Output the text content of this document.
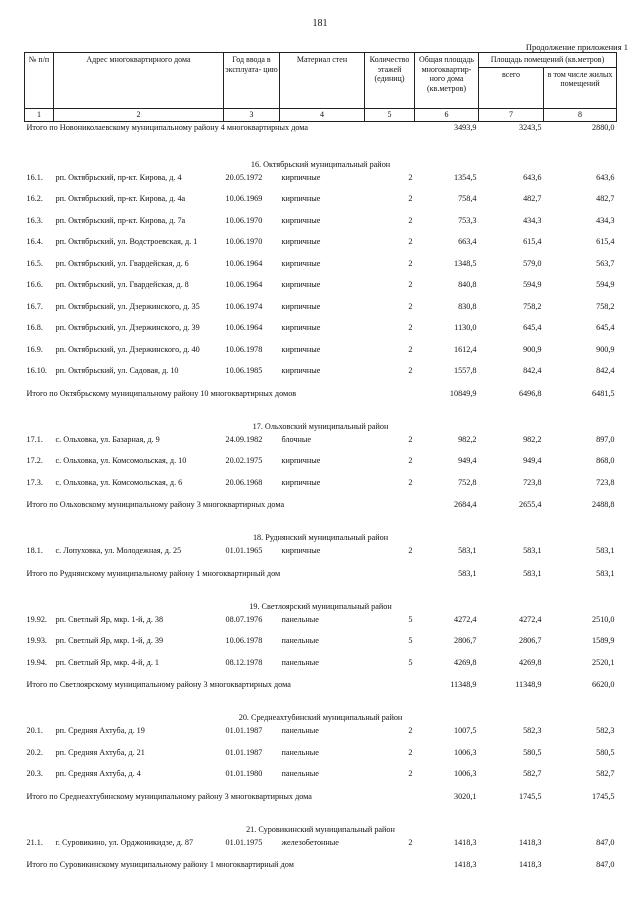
181
Продолжение приложения 1
№ п/п	Адрес многоквартирного дома	Год ввода в эксплуата- цию	Материал стен	Количество этажей (единиц)	Общая площадь многоквартир- ного дома (кв.метров)	Площадь помещений (кв.метров)	
						всего	в том числе жилых помещений
1	2	3	4	5	6	7	8
Итого по Новониколаевскому муниципальному району 4 многоквартирных дома					3493,9	3243,5	2880,0
16. Октябрьский муниципальный район							
16.1.	рп. Октябрьский, пр-кт. Кирова, д. 4	20.05.1972	кирпичные	2	1354,5	643,6	643,6
16.2.	рп. Октябрьский, пр-кт. Кирова, д. 4а	10.06.1969	кирпичные	2	758,4	482,7	482,7
16.3.	рп. Октябрьский, пр-кт. Кирова, д. 7а	10.06.1970	кирпичные	2	753,3	434,3	434,3
16.4.	рп. Октябрьский, ул. Водстроевская, д. 1	10.06.1970	кирпичные	2	663,4	615,4	615,4
16.5.	рп. Октябрьский, ул. Гвардейская, д. 6	10.06.1964	кирпичные	2	1348,5	579,0	563,7
16.6.	рп. Октябрьский, ул. Гвардейская, д. 8	10.06.1964	кирпичные	2	840,8	594,9	594,9
16.7.	рп. Октябрьский, ул. Дзержинского, д. 35	10.06.1974	кирпичные	2	830,8	758,2	758,2
16.8.	рп. Октябрьский, ул. Дзержинского, д. 39	10.06.1964	кирпичные	2	1130,0	645,4	645,4
16.9.	рп. Октябрьский, ул. Дзержинского, д. 40	10.06.1978	кирпичные	2	1612,4	900,9	900,9
16.10.	рп. Октябрьский, ул. Садовая, д. 10	10.06.1985	кирпичные	2	1557,8	842,4	842,4
Итого по Октябрьскому муниципальному району 10 многоквартирных домов					10849,9	6496,8	6481,5
17. Ольховский муниципальный район							
17.1.	с. Ольховка, ул. Базарная, д. 9	24.09.1982	блочные	2	982,2	982,2	897,0
17.2.	с. Ольховка, ул. Комсомольская, д. 10	20.02.1975	кирпичные	2	949,4	949,4	868,0
17.3.	с. Ольховка, ул. Комсомольская, д. 6	20.06.1968	кирпичные	2	752,8	723,8	723,8
Итого по Ольховскому муниципальному району 3 многоквартирных дома					2684,4	2655,4	2488,8
18. Руднянский муниципальный район							
18.1.	с. Лопуховка, ул. Молодежная, д. 25	01.01.1965	кирпичные	2	583,1	583,1	583,1
Итого по Руднянскому муниципальному району 1 многоквартирный дом					583,1	583,1	583,1
19. Светлоярский муниципальный район							
19.92.	рп. Светлый Яр, мкр. 1-й, д. 38	08.07.1976	панельные	5	4272,4	4272,4	2510,0
19.93.	рп. Светлый Яр, мкр. 1-й, д. 39	10.06.1978	панельные	5	2806,7	2806,7	1589,9
19.94.	рп. Светлый Яр, мкр. 4-й, д. 1	08.12.1978	панельные	5	4269,8	4269,8	2520,1
Итого по Светлоярскому муниципальному району 3 многоквартирных дома					11348,9	11348,9	6620,0
20. Среднеахтубинский муниципальный район							
20.1.	рп. Средняя Ахтуба, д. 19	01.01.1987	панельные	2	1007,5	582,3	582,3
20.2.	рп. Средняя Ахтуба, д. 21	01.01.1987	панельные	2	1006,3	580,5	580,5
20.3.	рп. Средняя Ахтуба, д. 4	01.01.1980	панельные	2	1006,3	582,7	582,7
Итого по Среднеахтубинскому муниципальному району 3 многоквартирных дома					3020,1	1745,5	1745,5
21. Суровикинский муниципальный район							
21.1.	г. Суровикино, ул. Орджоникидзе, д. 87	01.01.1975	железобетонные	2	1418,3	1418,3	847,0
Итого по Суровикинскому муниципальному району 1 многоквартирный дом					1418,3	1418,3	847,0
